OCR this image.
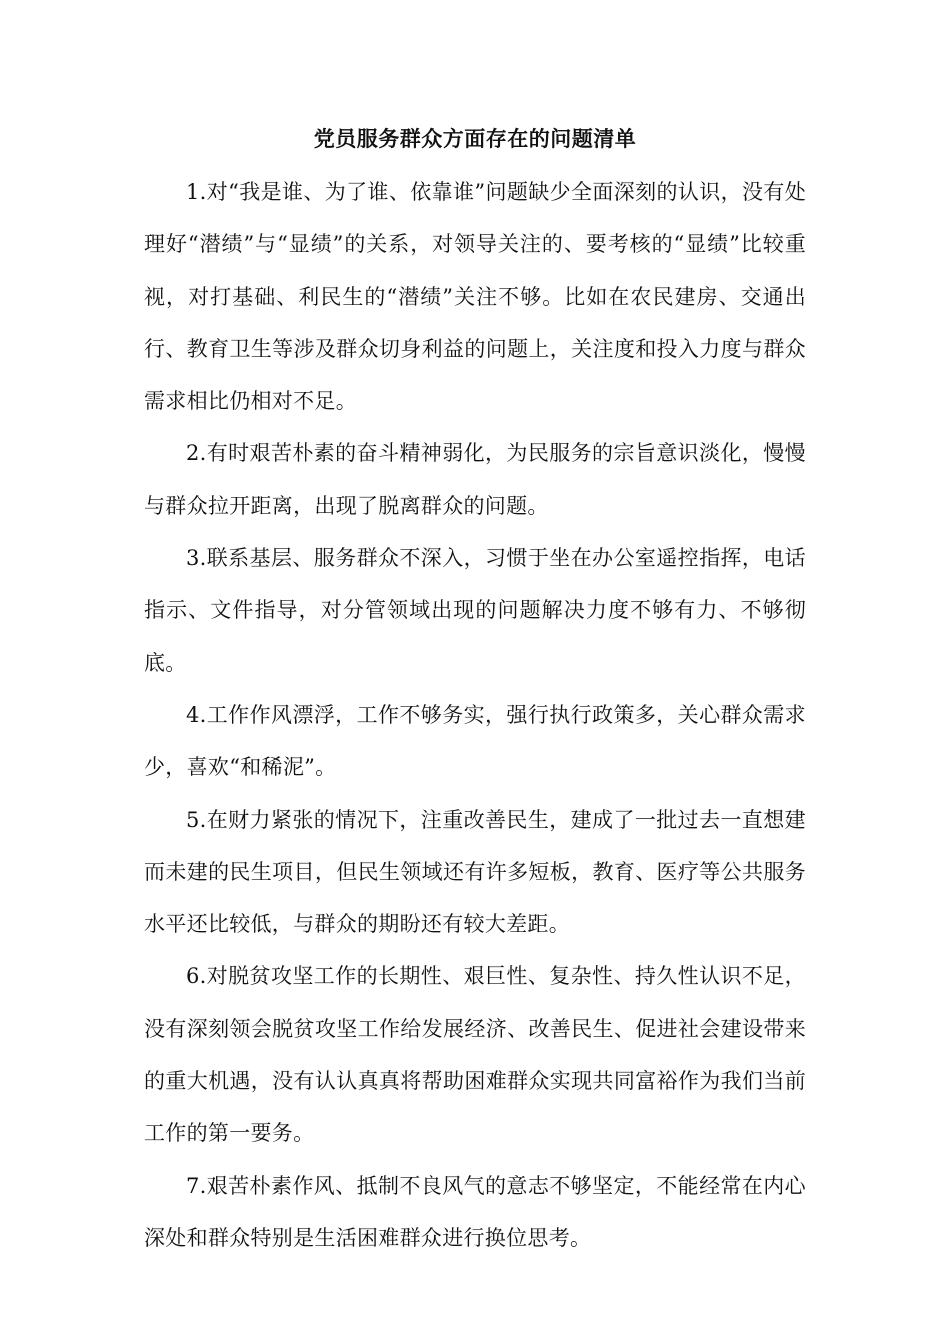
党员服务群众方面存在的问题清单

1.对“我是谁、为了谁、依靠谁”问题缺少全面深刻的认识，没有处理好“潜绩”与“显绩”的关系，对领导关注的、要考核的“显绩”比较重视，对打基础、利民生的“潜绩”关注不够。比如在农民建房、交通出行、教育卫生等涉及群众切身利益的问题上，关注度和投入力度与群众需求相比仍相对不足。

2.有时艰苦朴素的奋斗精神弱化，为民服务的宗旨意识淡化，慢慢与群众拉开距离，出现了脱离群众的问题。

3.联系基层、服务群众不深入，习惯于坐在办公室遥控指挥，电话指示、文件指导，对分管领域出现的问题解决力度不够有力、不够彻底。

4.工作作风漂浮，工作不够务实，强行执行政策多，关心群众需求少，喜欢“和稀泥”。

5.在财力紧张的情况下，注重改善民生，建成了一批过去一直想建而未建的民生项目，但民生领域还有许多短板，教育、医疗等公共服务水平还比较低，与群众的期盼还有较大差距。

6.对脱贫攻坚工作的长期性、艰巨性、复杂性、持久性认识不足，没有深刻领会脱贫攻坚工作给发展经济、改善民生、促进社会建设带来的重大机遇，没有认认真真将帮助困难群众实现共同富裕作为我们当前工作的第一要务。

7.艰苦朴素作风、抵制不良风气的意志不够坚定，不能经常在内心深处和群众特别是生活困难群众进行换位思考。
